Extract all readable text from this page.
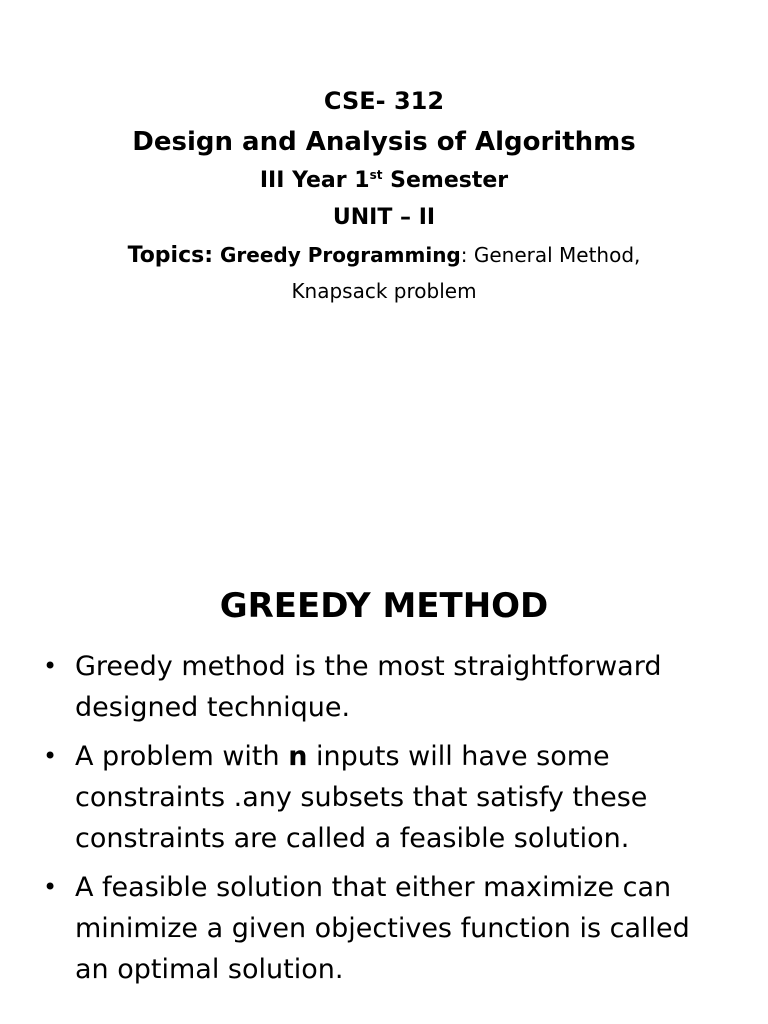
CSE- 312
Design and Analysis of Algorithms
III Year 1st Semester
UNIT – II
Topics: Greedy Programming: General Method,
Knapsack problem
GREEDY METHOD
• Greedy method is the most straightforward designed technique.
• A problem with n inputs will have some constraints .any subsets that satisfy these constraints are called a feasible solution.
• A feasible solution that either maximize can minimize a given objectives function is called an optimal solution.
